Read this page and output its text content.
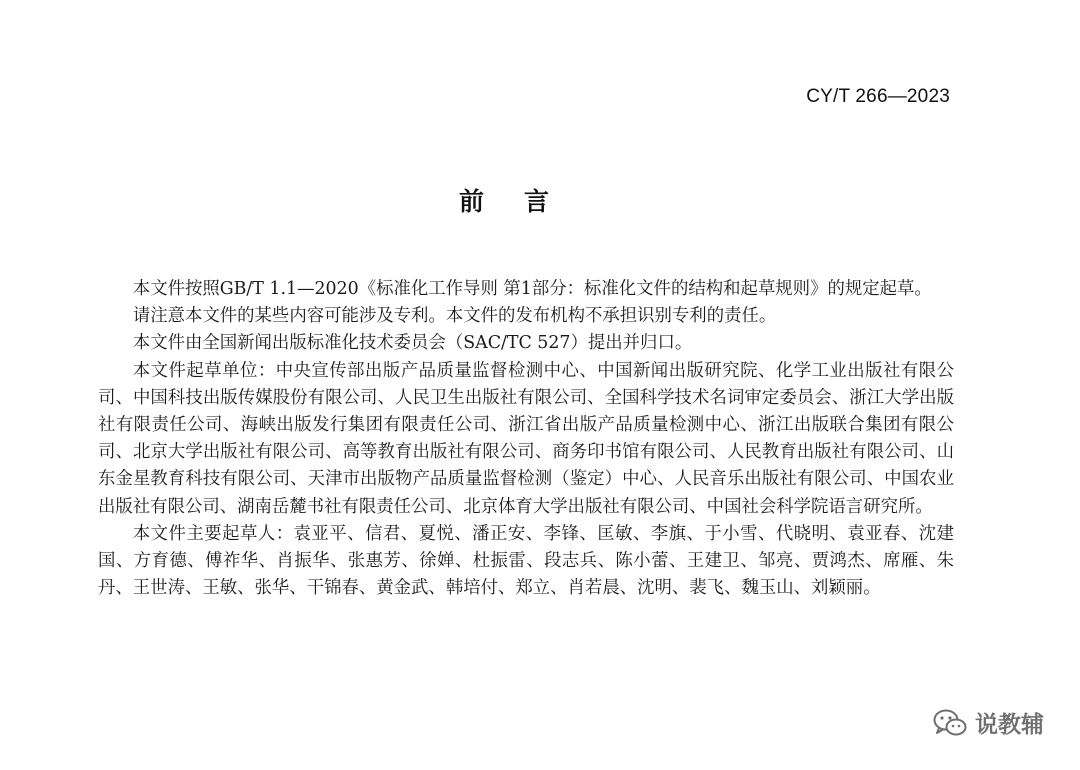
CY/T 266—2023
前言

本文件按照GB/T 1.1—2020《标准化工作导则 第1部分：标准化文件的结构和起草规则》的规定起草。

请注意本文件的某些内容可能涉及专利。本文件的发布机构不承担识别专利的责任。

本文件由全国新闻出版标准化技术委员会（SAC/TC 527）提出并归口。

本文件起草单位：中央宣传部出版产品质量监督检测中心、中国新闻出版研究院、化学工业出版社有限公司、中国科技出版传媒股份有限公司、人民卫生出版社有限公司、全国科学技术名词审定委员会、浙江大学出版社有限责任公司、海峡出版发行集团有限责任公司、浙江省出版产品质量检测中心、浙江出版联合集团有限公司、北京大学出版社有限公司、高等教育出版社有限公司、商务印书馆有限公司、人民教育出版社有限公司、山东金星教育科技有限公司、天津市出版物产品质量监督检测（鉴定）中心、人民音乐出版社有限公司、中国农业出版社有限公司、湖南岳麓书社有限责任公司、北京体育大学出版社有限公司、中国社会科学院语言研究所。

本文件主要起草人：袁亚平、信君、夏悦、潘正安、李锋、匡敏、李旗、于小雪、代晓明、袁亚春、沈建国、方育德、傅祚华、肖振华、张惠芳、徐婵、杜振雷、段志兵、陈小蕾、王建卫、邹亮、贾鸿杰、席雁、朱丹、王世涛、王敏、张华、干锦春、黄金武、韩培付、郑立、肖若晨、沈明、裴飞、魏玉山、刘颖丽。

说教辅
